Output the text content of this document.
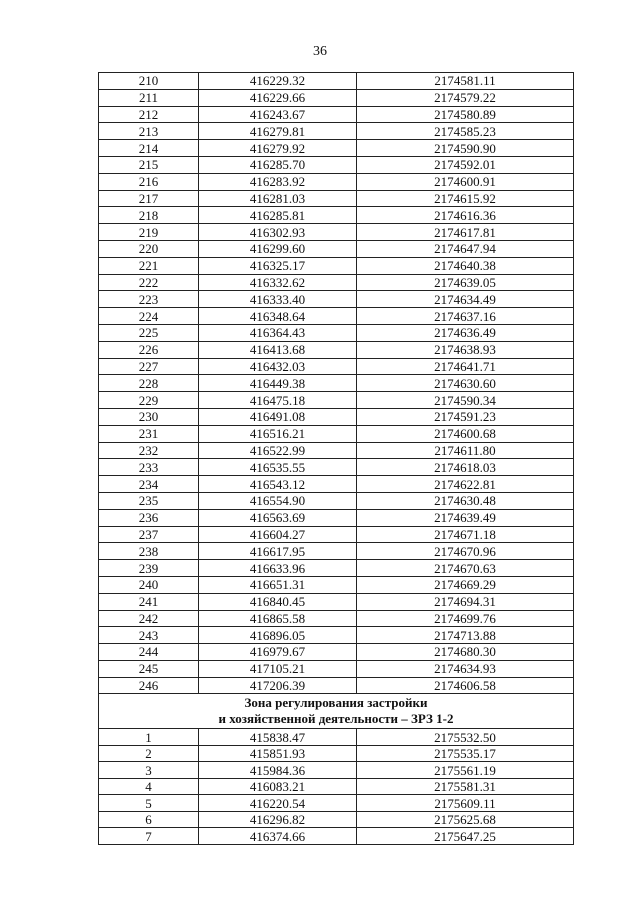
36
210	416229.32	2174581.11
211	416229.66	2174579.22
212	416243.67	2174580.89
213	416279.81	2174585.23
214	416279.92	2174590.90
215	416285.70	2174592.01
216	416283.92	2174600.91
217	416281.03	2174615.92
218	416285.81	2174616.36
219	416302.93	2174617.81
220	416299.60	2174647.94
221	416325.17	2174640.38
222	416332.62	2174639.05
223	416333.40	2174634.49
224	416348.64	2174637.16
225	416364.43	2174636.49
226	416413.68	2174638.93
227	416432.03	2174641.71
228	416449.38	2174630.60
229	416475.18	2174590.34
230	416491.08	2174591.23
231	416516.21	2174600.68
232	416522.99	2174611.80
233	416535.55	2174618.03
234	416543.12	2174622.81
235	416554.90	2174630.48
236	416563.69	2174639.49
237	416604.27	2174671.18
238	416617.95	2174670.96
239	416633.96	2174670.63
240	416651.31	2174669.29
241	416840.45	2174694.31
242	416865.58	2174699.76
243	416896.05	2174713.88
244	416979.67	2174680.30
245	417105.21	2174634.93
246	417206.39	2174606.58
Зона регулирования застройки
и хозяйственной деятельности – ЗРЗ 1-2		
1	415838.47	2175532.50
2	415851.93	2175535.17
3	415984.36	2175561.19
4	416083.21	2175581.31
5	416220.54	2175609.11
6	416296.82	2175625.68
7	416374.66	2175647.25
